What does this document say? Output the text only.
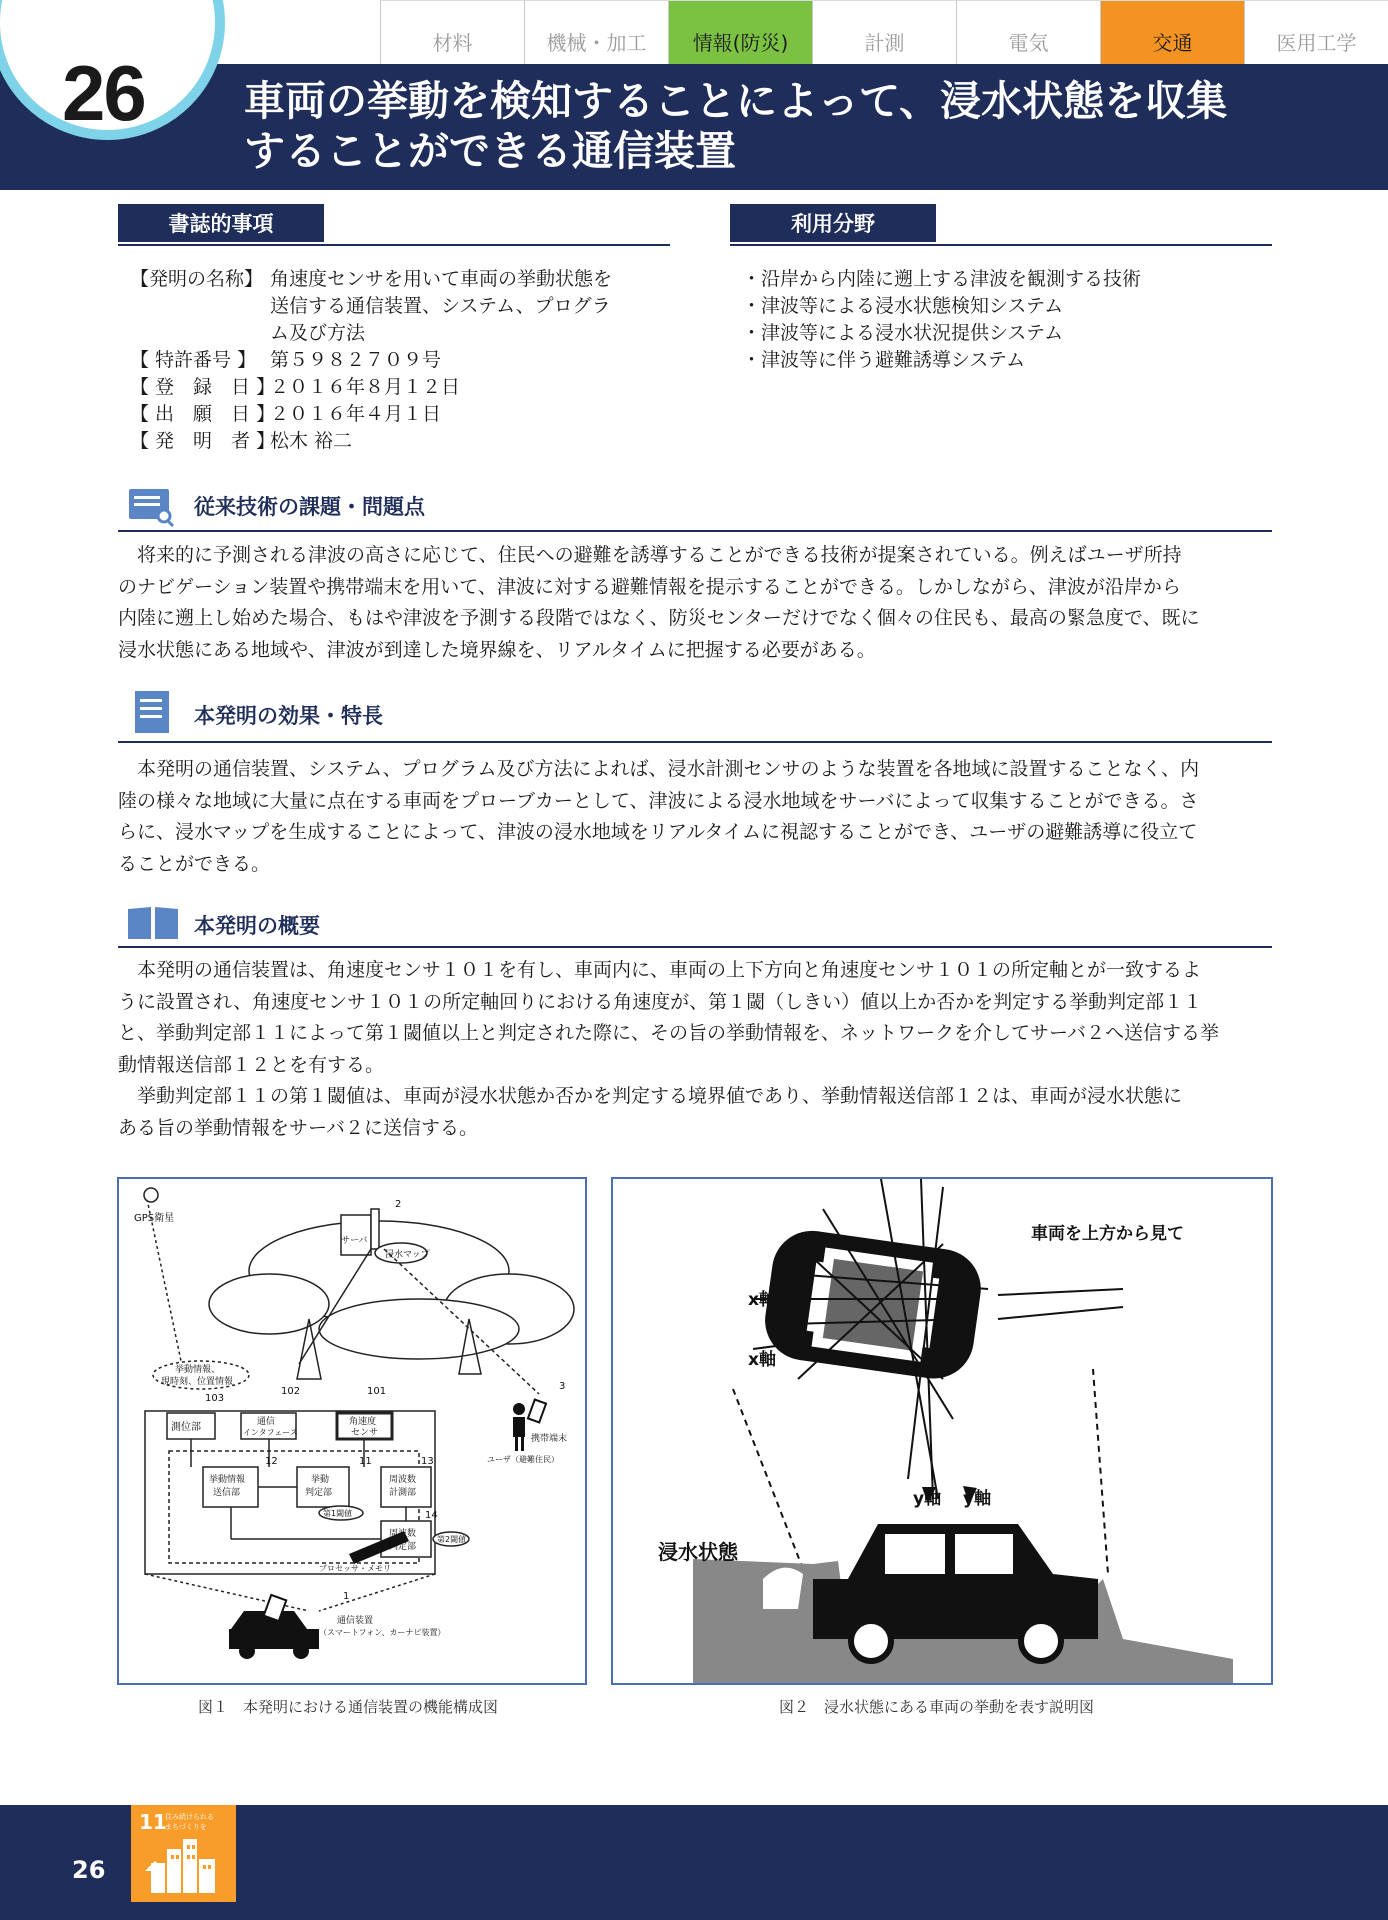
材料	機械・加工	情報(防災)	計測	電気	交通	医用工学
26 車両の挙動を検知することによって、浸水状態を収集
することができる通信装置
書誌的事項
【発明の名称】 角速度センサを用いて車両の挙動状態を
送信する通信装置、システム、プログラ
ム及び方法
【 特許番号 】 第５９８２７０９号
【 登　録　日 】
２０１６年８月１２日
【 出　願　日 】
２０１６年４月１日
【 発　明　者 】
松木 裕二
利用分野
・沿岸から内陸に遡上する津波を観測する技術
・津波等による浸水状態検知システム
・津波等による浸水状況提供システム
・津波等に伴う避難誘導システム
従来技術の課題・問題点
　将来的に予測される津波の高さに応じて、住民への避難を誘導することができる技術が提案されている。例えばユーザ所持
のナビゲーション装置や携帯端末を用いて、津波に対する避難情報を提示することができる。しかしながら、津波が沿岸から
内陸に遡上し始めた場合、もはや津波を予測する段階ではなく、防災センターだけでなく個々の住民も、最高の緊急度で、既に
浸水状態にある地域や、津波が到達した境界線を、リアルタイムに把握する必要がある。
本発明の効果・特長
　本発明の通信装置、システム、プログラム及び方法によれば、浸水計測センサのような装置を各地域に設置することなく、内
陸の様々な地域に大量に点在する車両をプローブカーとして、津波による浸水地域をサーバによって収集することができる。さ
らに、浸水マップを生成することによって、津波の浸水地域をリアルタイムに視認することができ、ユーザの避難誘導に役立て
ることができる。
本発明の概要
　本発明の通信装置は、角速度センサ１０１を有し、車両内に、車両の上下方向と角速度センサ１０１の所定軸とが一致するよ
うに設置され、角速度センサ１０１の所定軸回りにおける角速度が、第１閾（しきい）値以上か否かを判定する挙動判定部１１
と、挙動判定部１１によって第１閾値以上と判定された際に、その旨の挙動情報を、ネットワークを介してサーバ２へ送信する挙
動情報送信部１２とを有する。
　挙動判定部１１の第１閾値は、車両が浸水状態か否かを判定する境界値であり、挙動情報送信部１２は、車両が浸水状態に
ある旨の挙動情報をサーバ２に送信する。
GPS衛星
2
サーバ
浸水マップ
3
携帯端末
ユーザ（避難住民）
挙動情報、
現時刻、位置情報
103
102	101
測位部	通信
インタフェース
角速度
センサ
12	11	13
14
挙動情報
送信部
挙動
判定部
第1閾値
周波数
計測部
周波数
判定部
第2閾値
プロセッサ・メモリ
1
通信装置
（スマートフォン、カーナビ装置）
図１　本発明における通信装置の機能構成図
車両を上方から見て
x軸
x軸
y軸 y軸
浸水状態
図２　浸水状態にある車両の挙動を表す説明図
26
11
住み続けられる
まちづくりを
